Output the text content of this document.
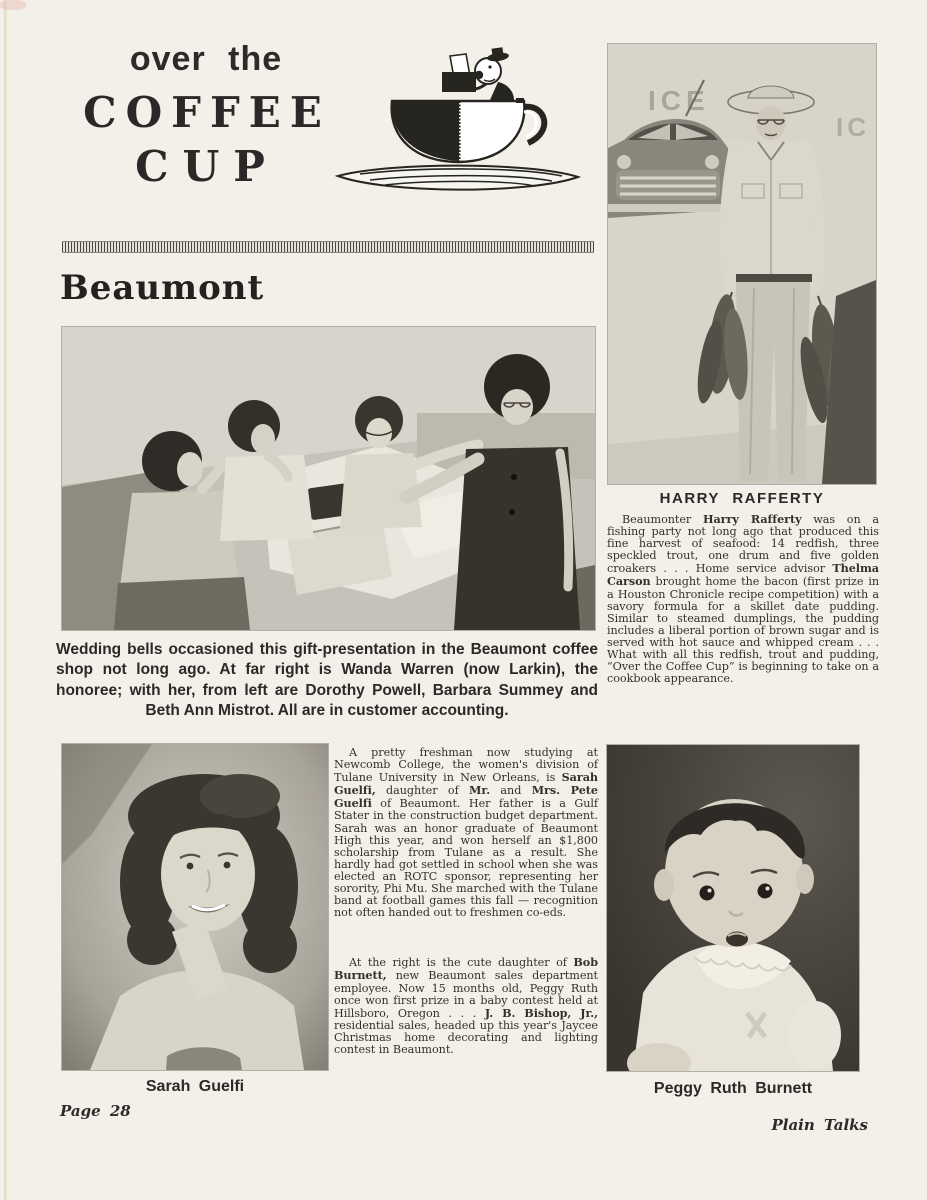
over the
COFFEE
CUP
Beaumont
Wedding bells occasioned this gift-presentation in the Beaumont coffee shop not long ago. At far right is Wanda Warren (now Larkin), the honoree; with her, from left are Dorothy Powell, Barbara Summey and Beth Ann Mistrot. All are in customer accounting.
ICE
IC
HARRY RAFFERTY

Beaumonter Harry Rafferty was on a fishing party not long ago that produced this fine harvest of seafood: 14 redfish, three speckled trout, one drum and five golden croakers . . . Home service advisor Thelma Carson brought home the bacon (first prize in a Houston Chronicle recipe competition) with a savory formula for a skillet date pudding. Similar to steamed dumplings, the pudding includes a liberal portion of brown sugar and is served with hot sauce and whipped cream . . . What with all this redfish, trout and pudding, “Over the Coffee Cup” is beginning to take on a cookbook appearance.

Sarah Guelfi

A pretty freshman now studying at Newcomb College, the women's division of Tulane University in New Orleans, is Sarah Guelfi, daughter of Mr. and Mrs. Pete Guelfi of Beaumont. Her father is a Gulf Stater in the construction budget department. Sarah was an honor graduate of Beaumont High this year, and won herself an $1,800 scholarship from Tulane as a result. She hardly had got settled in school when she was elected an ROTC sponsor, representing her sorority, Phi Mu. She marched with the Tulane band at football games this fall — recognition not often handed out to freshmen co-eds.

At the right is the cute daughter of Bob Burnett, new Beaumont sales department employee. Now 15 months old, Peggy Ruth once won first prize in a baby contest held at Hillsboro, Oregon . . . J. B. Bishop, Jr., residential sales, headed up this year's Jaycee Christmas home decorating and lighting contest in Beaumont.

Peggy Ruth Burnett
Page 28
Plain Talks
